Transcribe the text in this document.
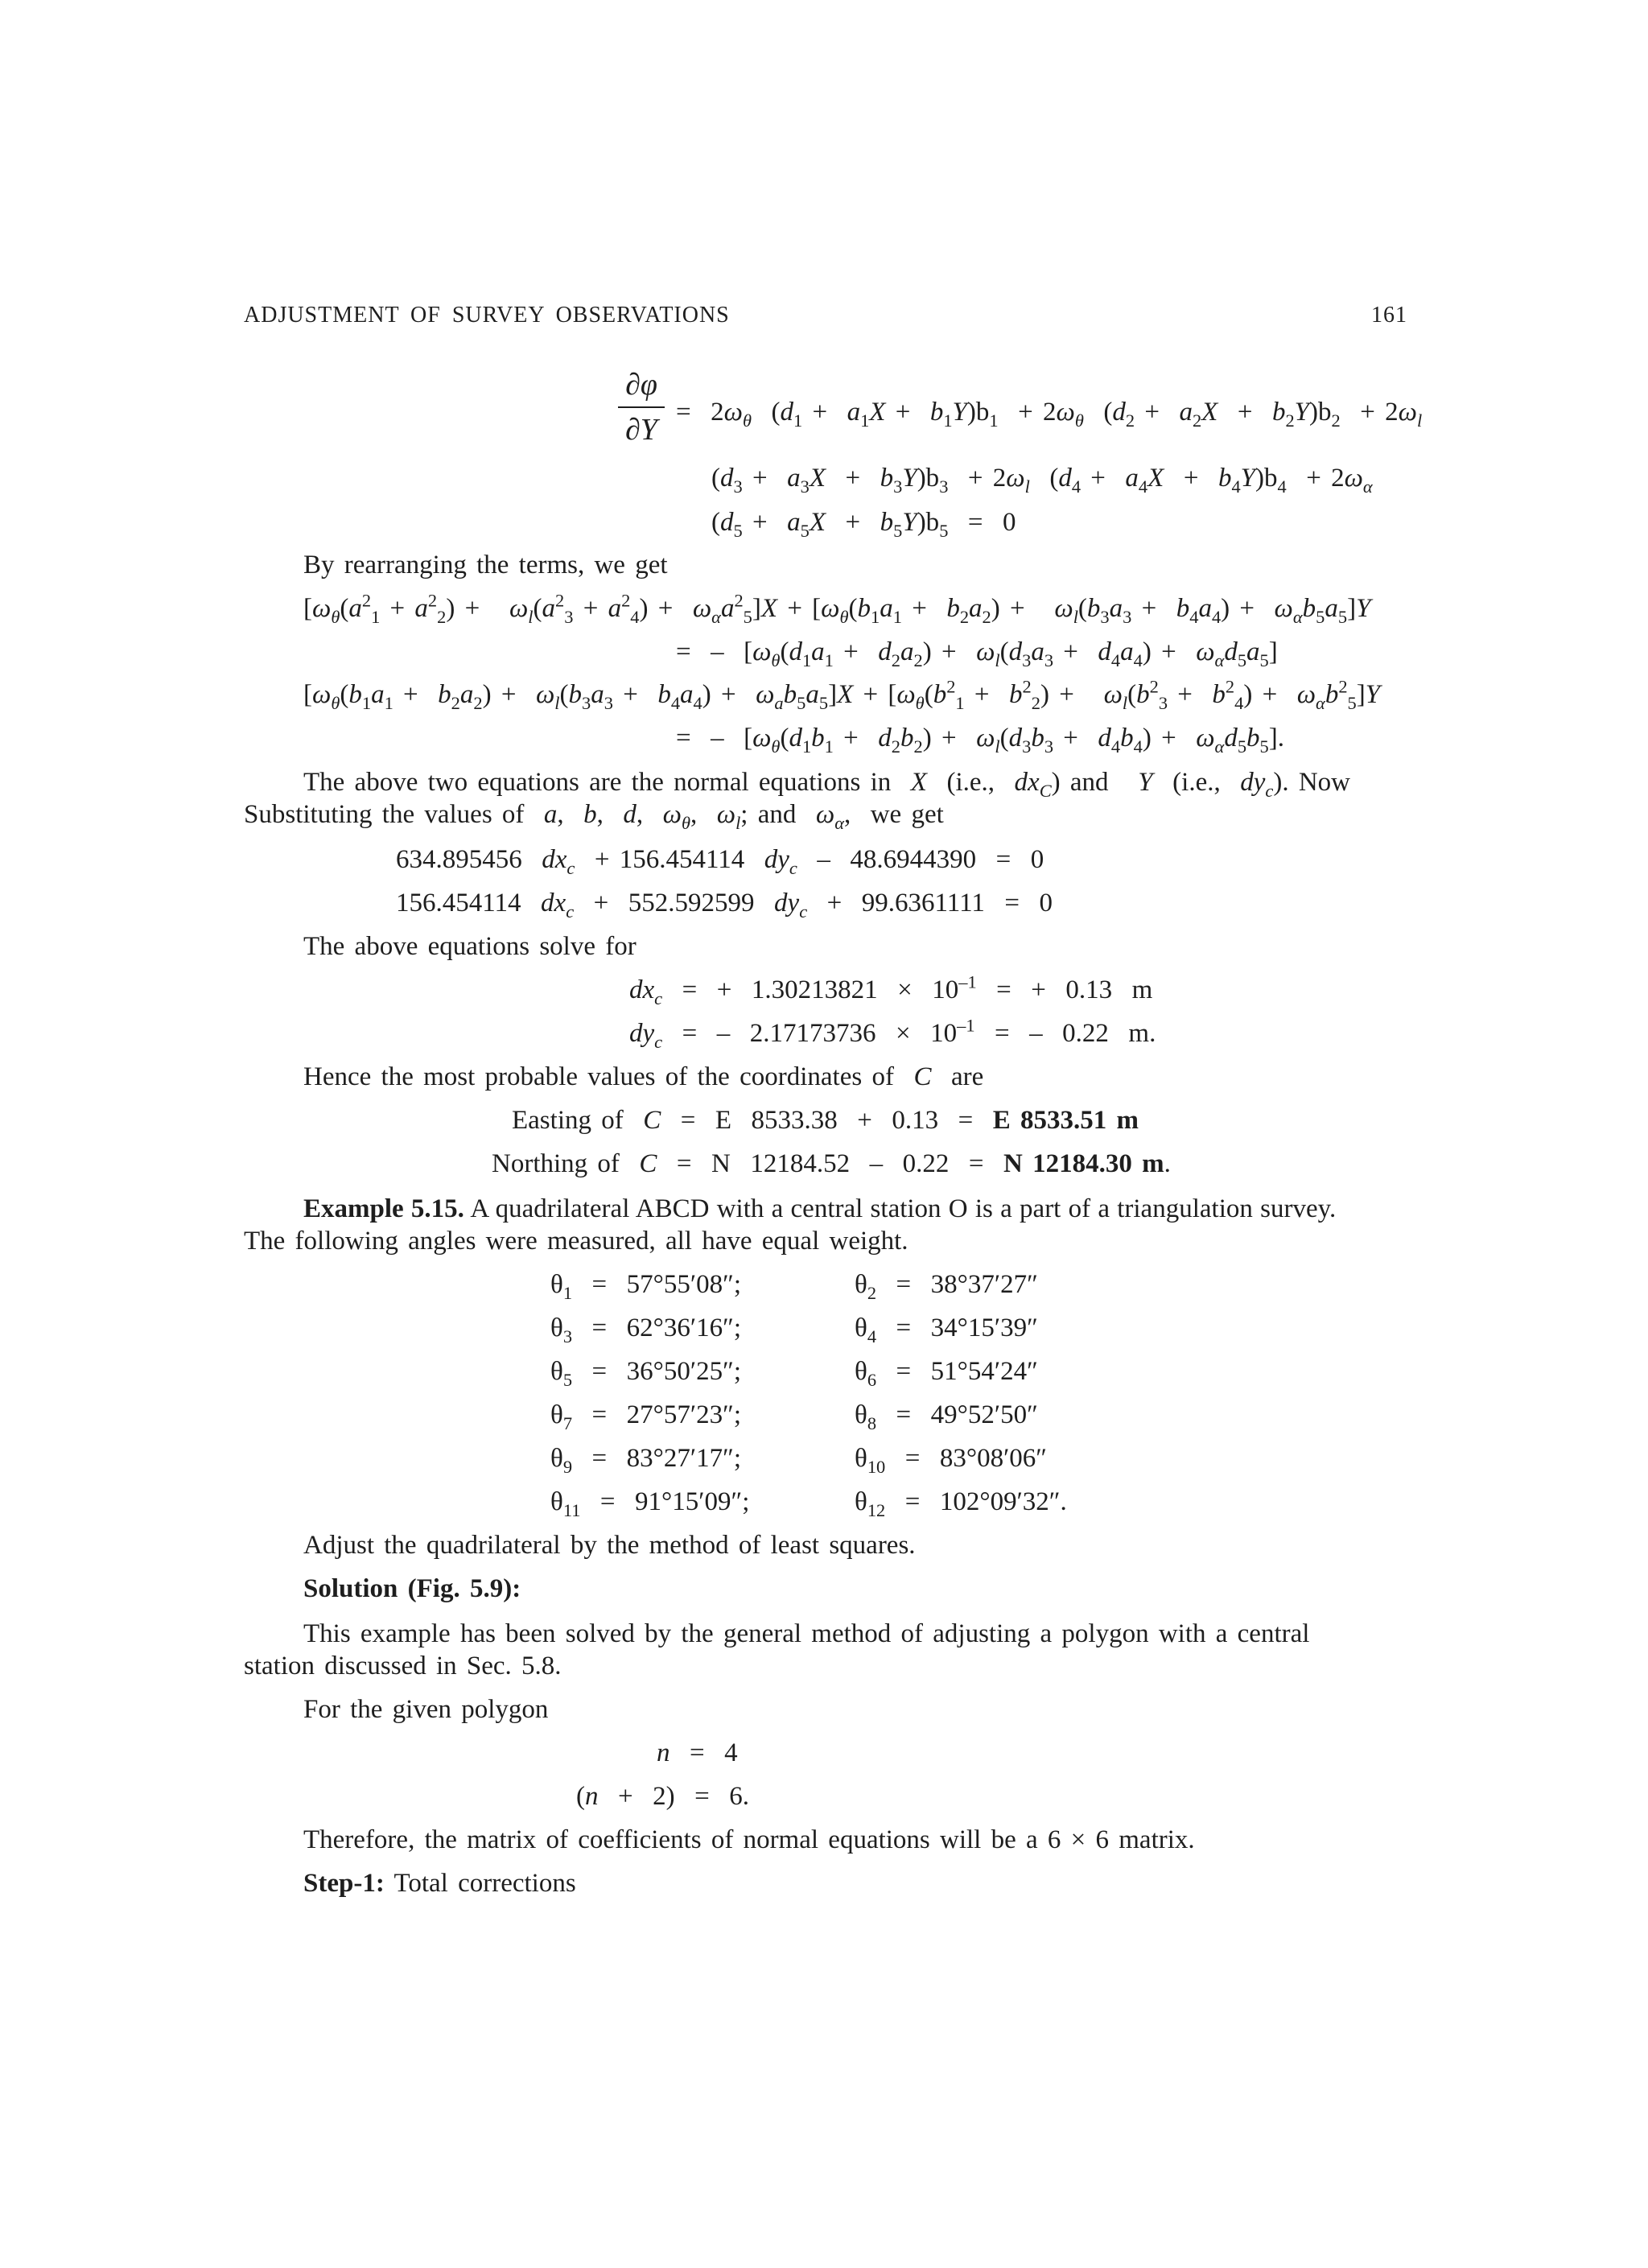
ADJUSTMENT OF SURVEY OBSERVATIONS	161
∂φ
∂Y
=  $2\omega_\theta$  $(d_1 + a_1X + b_1Y)b_1 + 2\omega_\theta$  $(d_2 + a_2X + b_2Y)b_2 + 2\omega_l$
$(d_3 + a_3X + b_3Y)b_3 + 2\omega_l$  $(d_4 + a_4X + b_4Y)b_4 + 2\omega_\alpha$
$(d_5 + a_5X + b_5Y)b_5 = 0$
By rearranging the terms, we get
$[\omega_\theta(a^2_1 + a^2_2) + \omega_l(a^2_3 + a^2_4) + \omega_\alpha a^2_5]X + [\omega_\theta(b_1a_1 + b_2a_2) + \omega_l(b_3a_3 + b_4a_4) + \omega_\alpha b_5a_5]Y$
=  –  $[\omega_\theta(d_1a_1 + d_2a_2) + \omega_l(d_3a_3 + d_4a_4) + \omega_\alpha d_5a_5]$
$[\omega_\theta(b_1a_1 + b_2a_2) + \omega_l(b_3a_3 + b_4a_4) + \omega_ab_5a_5]X + [\omega_\theta(b^2_1 + b^2_2) + \omega_l(b^2_3 + b^2_4) + \omega_\alpha b^2_5]Y$
=  –  $[\omega_\theta(d_1b_1 + d_2b_2) + \omega_l(d_3b_3 + d_4b_4) + \omega_\alpha d_5b_5]$.
The above two equations are the normal equations in X  (i.e.,  $dx_C$) and   Y  (i.e.,  $dy_c$). Now
Substituting the values of a,  b,  d,  $\omega_\theta$,  $\omega_l$; and  $\omega_\alpha$,  we get
634.895456  $dx_c + 156.454114$  $dy_c - 48.6944390 = 0$
156.454114  $dx_c + 552.592599$  $dy_c + 99.6361111 = 0$
The above equations solve for
$dx_c$  =  +  $1.30213821 \times 10^{-1}$  =  +  0.13  m
$dy_c$  =  –  $2.17173736 \times 10^{-1}$  =  –  0.22  m.
Hence the most probable values of the coordinates of C  are
Easting of C  =  E  8533.38  +  0.13  =  E 8533.51 m
Northing of C  =  N  12184.52  –  0.22  =  N 12184.30 m.
Example 5.15. A quadrilateral ABCD with a central station O is a part of a triangulation survey.
The following angles were measured, all have equal weight.
$\theta_1 = 57^\circ 55'08''$;	$\theta_2 = 38^\circ 37'27''$
$\theta_3 = 62^\circ 36'16''$;	$\theta_4 = 34^\circ 15'39''$
$\theta_5 = 36^\circ 50'25''$;	$\theta_6 = 51^\circ 54'24''$
$\theta_7 = 27^\circ 57'23''$;	$\theta_8 = 49^\circ 52'50''$
$\theta_9 = 83^\circ 27'17''$;	$\theta_{10} = 83^\circ 08'06''$
$\theta_{11} = 91^\circ 15'09''$;	$\theta_{12} = 102^\circ 09'32''$.
Adjust the quadrilateral by the method of least squares.
Solution (Fig. 5.9):
This example has been solved by the general method of adjusting a polygon with a central
station discussed in Sec. 5.8.
For the given polygon
n  =  4
(n  +  2)  =  6.
Therefore, the matrix of coefficients of normal equations will be a 6 × 6 matrix.
Step-1: Total corrections
